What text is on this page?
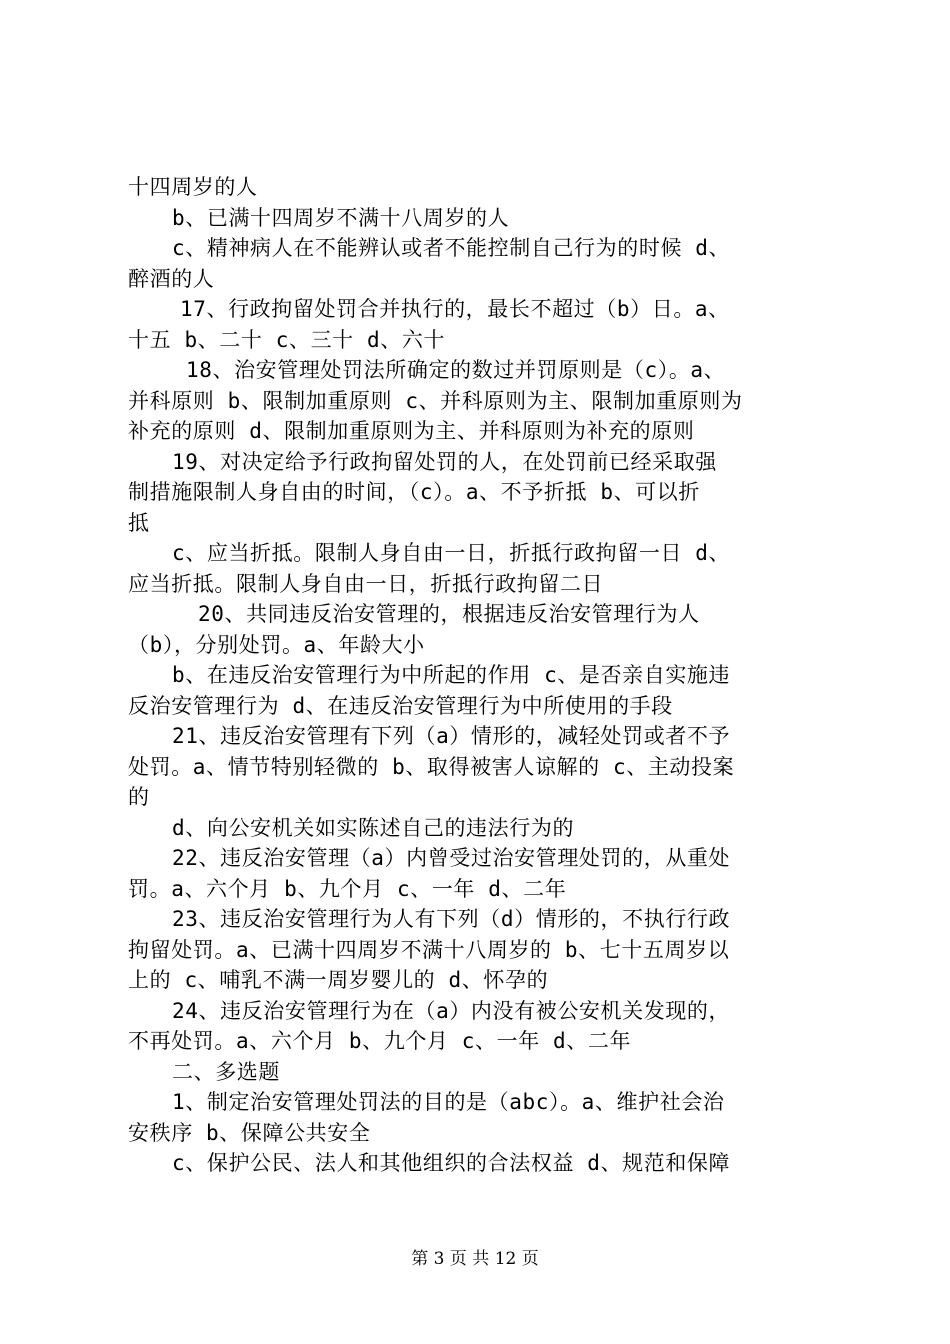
十四周岁的人
b、已满十四周岁不满十八周岁的人
c、精神病人在不能辨认或者不能控制自己行为的时候 d、
醉酒的人
17、行政拘留处罚合并执行的，最长不超过（b）日。a、
十五 b、二十 c、三十 d、六十
18、治安管理处罚法所确定的数过并罚原则是（c）。a、
并科原则 b、限制加重原则 c、并科原则为主、限制加重原则为
补充的原则 d、限制加重原则为主、并科原则为补充的原则
19、对决定给予行政拘留处罚的人，在处罚前已经采取强
制措施限制人身自由的时间，（c）。a、不予折抵 b、可以折
抵
c、应当折抵。限制人身自由一日，折抵行政拘留一日 d、
应当折抵。限制人身自由一日，折抵行政拘留二日
20、共同违反治安管理的，根据违反治安管理行为人
（b），分别处罚。a、年龄大小
b、在违反治安管理行为中所起的作用 c、是否亲自实施违
反治安管理行为 d、在违反治安管理行为中所使用的手段
21、违反治安管理有下列（a）情形的，减轻处罚或者不予
处罚。a、情节特别轻微的 b、取得被害人谅解的 c、主动投案
的
d、向公安机关如实陈述自己的违法行为的
22、违反治安管理（a）内曾受过治安管理处罚的，从重处
罚。a、六个月 b、九个月 c、一年 d、二年
23、违反治安管理行为人有下列（d）情形的，不执行行政
拘留处罚。a、已满十四周岁不满十八周岁的 b、七十五周岁以
上的 c、哺乳不满一周岁婴儿的 d、怀孕的
24、违反治安管理行为在（a）内没有被公安机关发现的，
不再处罚。a、六个月 b、九个月 c、一年 d、二年
二、多选题
1、制定治安管理处罚法的目的是（abc）。a、维护社会治
安秩序 b、保障公共安全
c、保护公民、法人和其他组织的合法权益 d、规范和保障
第 3 页 共 12 页
